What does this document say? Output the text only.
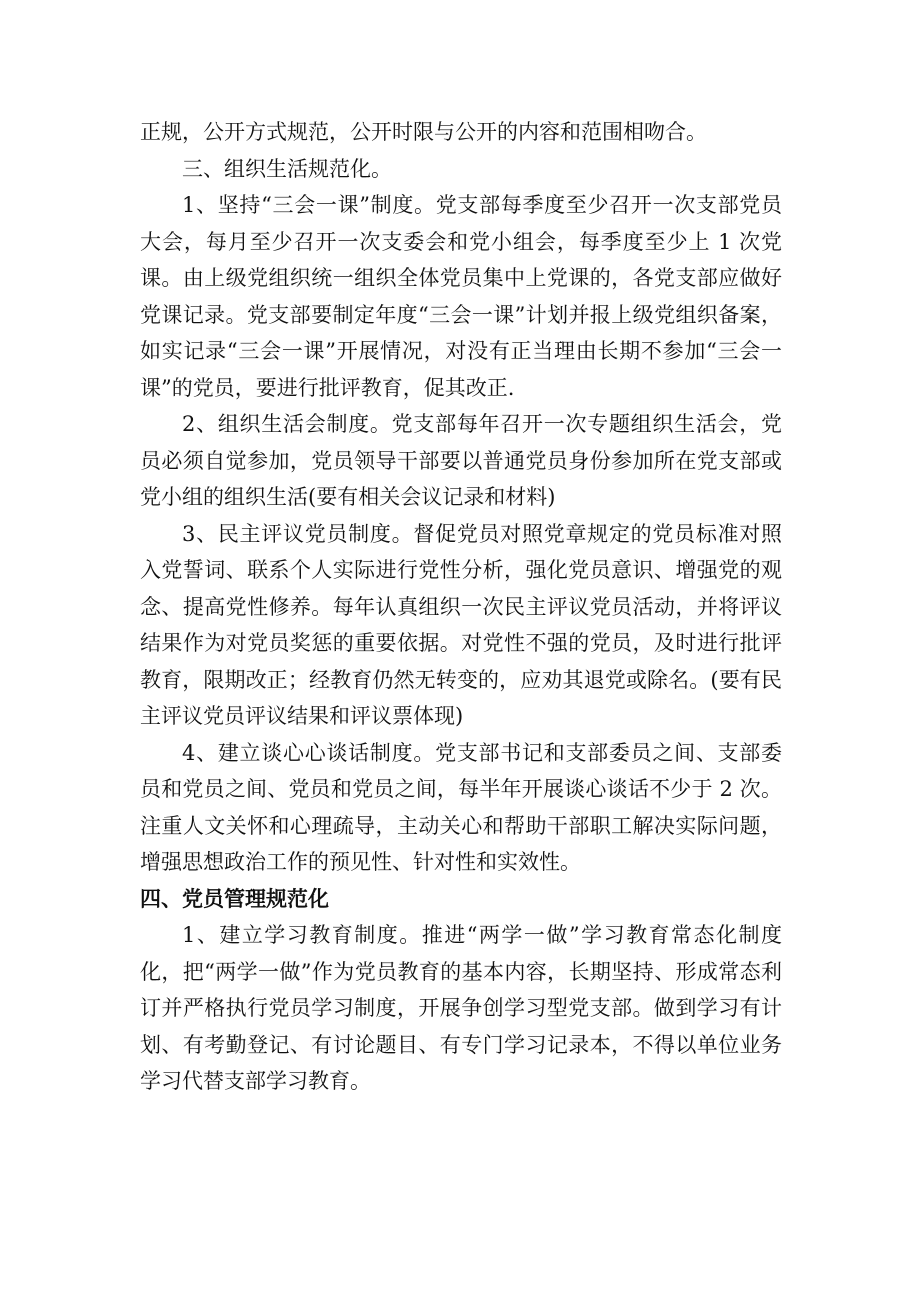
正规，公开方式规范，公开时限与公开的内容和范围相吻合。

三、组织生活规范化。

1、坚持“三会一课”制度。党支部每季度至少召开一次支部党员大会，每月至少召开一次支委会和党小组会，每季度至少上 1 次党课。由上级党组织统一组织全体党员集中上党课的，各党支部应做好党课记录。党支部要制定年度“三会一课”计划并报上级党组织备案，如实记录“三会一课”开展情况，对没有正当理由长期不参加“三会一课”的党员，要进行批评教育，促其改正.

2、组织生活会制度。党支部每年召开一次专题组织生活会，党员必须自觉参加，党员领导干部要以普通党员身份参加所在党支部或党小组的组织生活(要有相关会议记录和材料)

3、民主评议党员制度。督促党员对照党章规定的党员标准对照入党誓词、联系个人实际进行党性分析，强化党员意识、增强党的观念、提高党性修养。每年认真组织一次民主评议党员活动，并将评议结果作为对党员奖惩的重要依据。对党性不强的党员，及时进行批评教育，限期改正；经教育仍然无转变的，应劝其退党或除名。(要有民主评议党员评议结果和评议票体现)

4、建立谈心心谈话制度。党支部书记和支部委员之间、支部委员和党员之间、党员和党员之间，每半年开展谈心谈话不少于 2 次。注重人文关怀和心理疏导，主动关心和帮助干部职工解决实际问题，增强思想政治工作的预见性、针对性和实效性。

四、党员管理规范化

1、建立学习教育制度。推进“两学一做”学习教育常态化制度化，把“两学一做”作为党员教育的基本内容，长期坚持、形成常态利订并严格执行党员学习制度，开展争创学习型党支部。做到学习有计划、有考勤登记、有讨论题目、有专门学习记录本，不得以单位业务学习代替支部学习教育。
